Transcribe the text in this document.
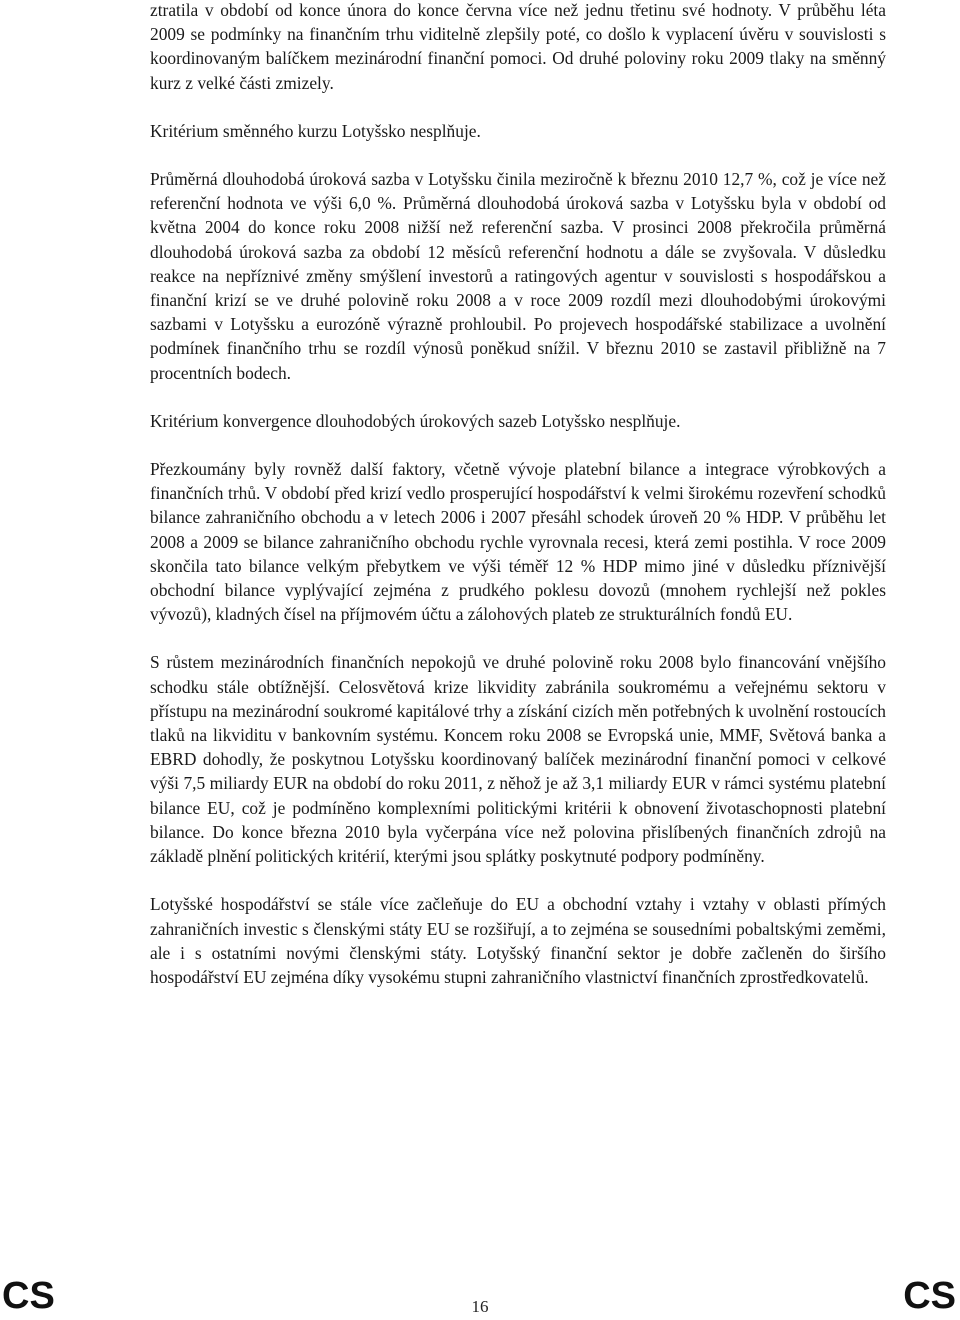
ztratila v období od konce února do konce června více než jednu třetinu své hodnoty. V průběhu léta 2009 se podmínky na finančním trhu viditelně zlepšily poté, co došlo k vyplacení úvěru v souvislosti s koordinovaným balíčkem mezinárodní finanční pomoci. Od druhé poloviny roku 2009 tlaky na směnný kurz z velké části zmizely.

Kritérium směnného kurzu Lotyšsko nesplňuje.

Průměrná dlouhodobá úroková sazba v Lotyšsku činila meziročně k březnu 2010 12,7 %, což je více než referenční hodnota ve výši 6,0 %. Průměrná dlouhodobá úroková sazba v Lotyšsku byla v období od května 2004 do konce roku 2008 nižší než referenční sazba. V prosinci 2008 překročila průměrná dlouhodobá úroková sazba za období 12 měsíců referenční hodnotu a dále se zvyšovala. V důsledku reakce na nepříznivé změny smýšlení investorů a ratingových agentur v souvislosti s hospodářskou a finanční krizí se ve druhé polovině roku 2008 a v roce 2009 rozdíl mezi dlouhodobými úrokovými sazbami v Lotyšsku a eurozóně výrazně prohloubil. Po projevech hospodářské stabilizace a uvolnění podmínek finančního trhu se rozdíl výnosů poněkud snížil. V březnu 2010 se zastavil přibližně na 7 procentních bodech.

Kritérium konvergence dlouhodobých úrokových sazeb Lotyšsko nesplňuje.

Přezkoumány byly rovněž další faktory, včetně vývoje platební bilance a integrace výrobkových a finančních trhů. V období před krizí vedlo prosperující hospodářství k velmi širokému rozevření schodků bilance zahraničního obchodu a v letech 2006 i 2007 přesáhl schodek úroveň 20 % HDP. V průběhu let 2008 a 2009 se bilance zahraničního obchodu rychle vyrovnala recesi, která zemi postihla. V roce 2009 skončila tato bilance velkým přebytkem ve výši téměř 12 % HDP mimo jiné v důsledku příznivější obchodní bilance vyplývající zejména z prudkého poklesu dovozů (mnohem rychlejší než pokles vývozů), kladných čísel na příjmovém účtu a zálohových plateb ze strukturálních fondů EU.

S růstem mezinárodních finančních nepokojů ve druhé polovině roku 2008 bylo financování vnějšího schodku stále obtížnější. Celosvětová krize likvidity zabránila soukromému a veřejnému sektoru v přístupu na mezinárodní soukromé kapitálové trhy a získání cizích měn potřebných k uvolnění rostoucích tlaků na likviditu v bankovním systému. Koncem roku 2008 se Evropská unie, MMF, Světová banka a EBRD dohodly, že poskytnou Lotyšsku koordinovaný balíček mezinárodní finanční pomoci v celkové výši 7,5 miliardy EUR na období do roku 2011, z něhož je až 3,1 miliardy EUR v rámci systému platební bilance EU, což je podmíněno komplexními politickými kritérii k obnovení životaschopnosti platební bilance. Do konce března 2010 byla vyčerpána více než polovina přislíbených finančních zdrojů na základě plnění politických kritérií, kterými jsou splátky poskytnuté podpory podmíněny.

Lotyšské hospodářství se stále více začleňuje do EU a obchodní vztahy i vztahy v oblasti přímých zahraničních investic s členskými státy EU se rozšiřují, a to zejména se sousedními pobaltskými zeměmi, ale i s ostatními novými členskými státy. Lotyšský finanční sektor je dobře začleněn do širšího hospodářství EU zejména díky vysokému stupni zahraničního vlastnictví finančních zprostředkovatelů.

CS	16	CS
